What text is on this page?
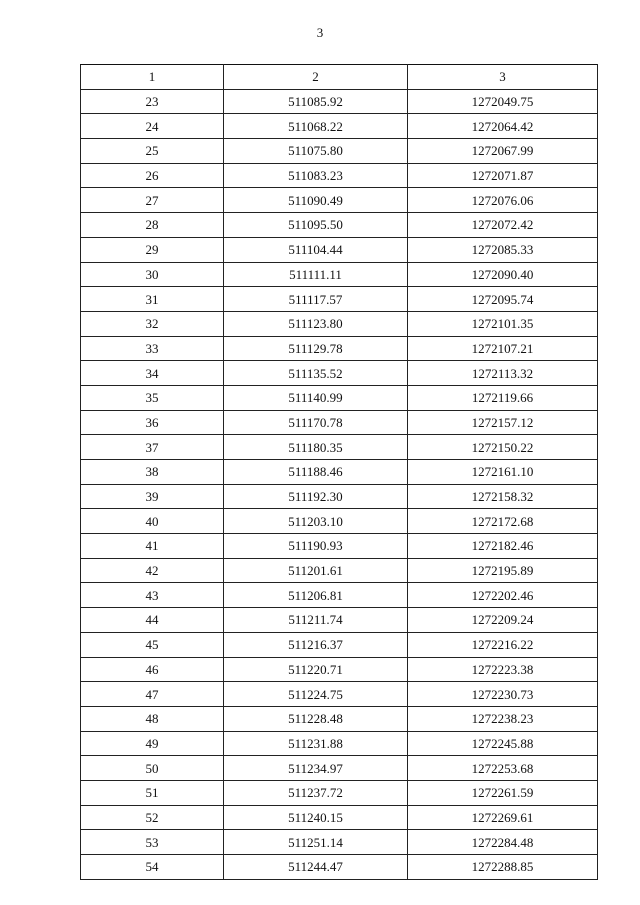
3
1	2	3
23	511085.92	1272049.75
24	511068.22	1272064.42
25	511075.80	1272067.99
26	511083.23	1272071.87
27	511090.49	1272076.06
28	511095.50	1272072.42
29	511104.44	1272085.33
30	511111.11	1272090.40
31	511117.57	1272095.74
32	511123.80	1272101.35
33	511129.78	1272107.21
34	511135.52	1272113.32
35	511140.99	1272119.66
36	511170.78	1272157.12
37	511180.35	1272150.22
38	511188.46	1272161.10
39	511192.30	1272158.32
40	511203.10	1272172.68
41	511190.93	1272182.46
42	511201.61	1272195.89
43	511206.81	1272202.46
44	511211.74	1272209.24
45	511216.37	1272216.22
46	511220.71	1272223.38
47	511224.75	1272230.73
48	511228.48	1272238.23
49	511231.88	1272245.88
50	511234.97	1272253.68
51	511237.72	1272261.59
52	511240.15	1272269.61
53	511251.14	1272284.48
54	511244.47	1272288.85
